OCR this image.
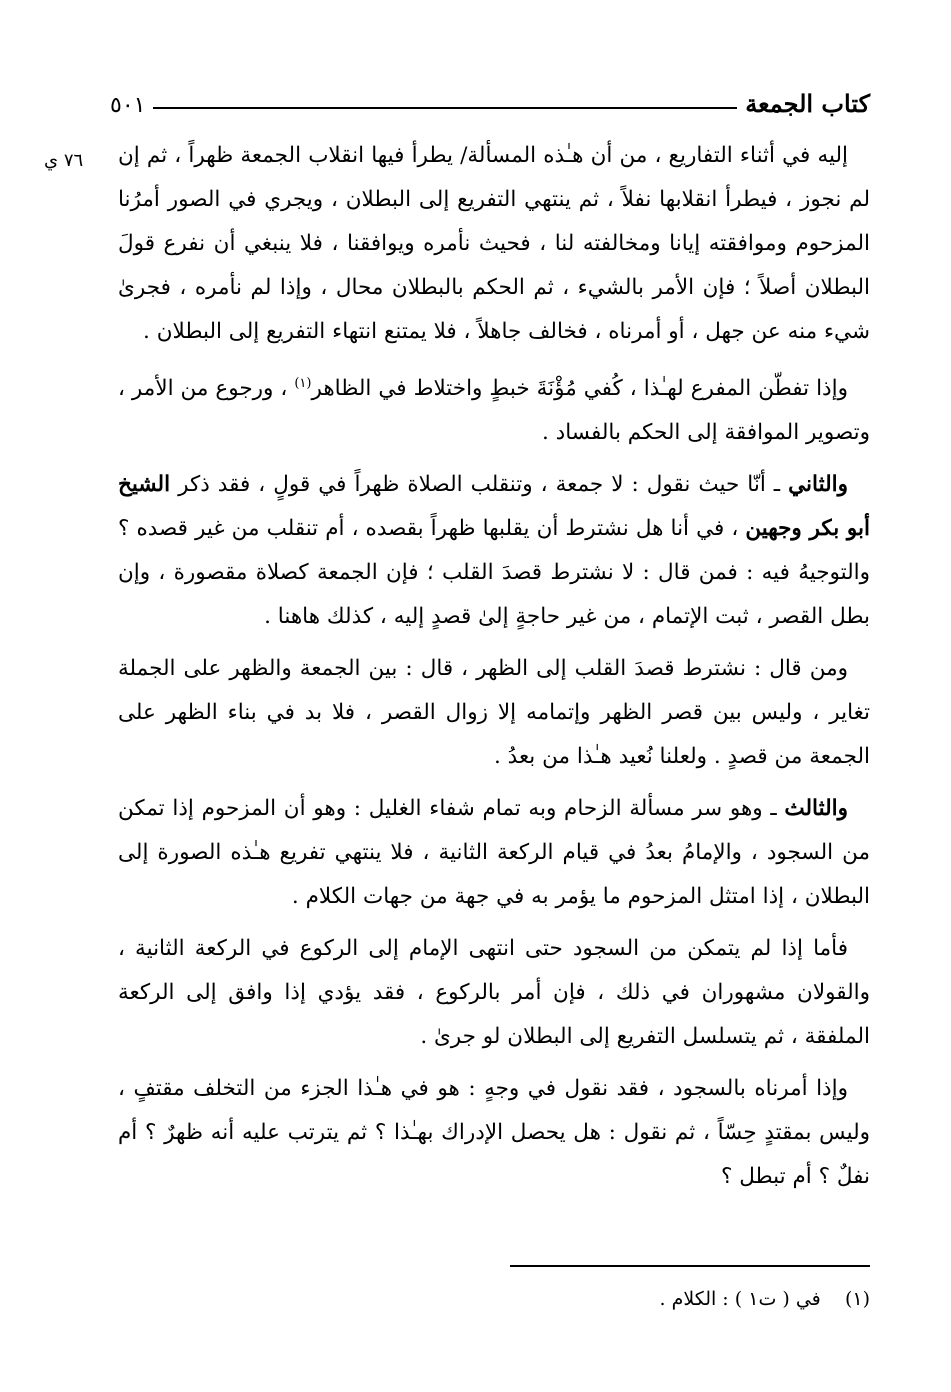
كتاب الجمعة
٥٠١
٧٦ ي	إليه في أثناء التفاريع ، من أن هـٰذه المسألة/ يطرأ فيها انقلاب الجمعة ظهراً ، ثم إن لم نجوز ، فيطرأ انقلابها نفلاً ، ثم ينتهي التفريع إلى البطلان ، ويجري في الصور أمرُنا المزحوم وموافقته إيانا ومخالفته لنا ، فحيث نأمره ويوافقنا ، فلا ينبغي أن نفرع قولَ البطلان أصلاً ؛ فإن الأمر بالشيء ، ثم الحكم بالبطلان محال ، وإذا لم نأمره ، فجرىٰ شيء منه عن جهل ، أو أمرناه ، فخالف جاهلاً ، فلا يمتنع انتهاء التفريع إلى البطلان .

وإذا تفطّن المفرع لهـٰذا ، كُفي مُؤْنَةَ خبطٍ واختلاط في الظاهر$^{(١)}$ ، ورجوع من الأمر ، وتصوير الموافقة إلى الحكم بالفساد .

والثاني ـ أنّا حيث نقول : لا جمعة ، وتنقلب الصلاة ظهراً في قولٍ ، فقد ذكر الشيخ أبو بكر وجهين ، في أنا هل نشترط أن يقلبها ظهراً بقصده ، أم تنقلب من غير قصده ؟ والتوجيهُ فيه : فمن قال : لا نشترط قصدَ القلب ؛ فإن الجمعة كصلاة مقصورة ، وإن بطل القصر ، ثبت الإتمام ، من غير حاجةٍ إلىٰ قصدٍ إليه ، كذلك هاهنا .

ومن قال : نشترط قصدَ القلب إلى الظهر ، قال : بين الجمعة والظهر على الجملة تغاير ، وليس بين قصر الظهر وإتمامه إلا زوال القصر ، فلا بد في بناء الظهر على الجمعة من قصدٍ . ولعلنا نُعيد هـٰذا من بعدُ .

والثالث ـ وهو سر مسألة الزحام وبه تمام شفاء الغليل : وهو أن المزحوم إذا تمكن من السجود ، والإمامُ بعدُ في قيام الركعة الثانية ، فلا ينتهي تفريع هـٰذه الصورة إلى البطلان ، إذا امتثل المزحوم ما يؤمر به في جهة من جهات الكلام .

فأما إذا لم يتمكن من السجود حتى انتهى الإمام إلى الركوع في الركعة الثانية ، والقولان مشهوران في ذلك ، فإن أمر بالركوع ، فقد يؤدي إذا وافق إلى الركعة الملفقة ، ثم يتسلسل التفريع إلى البطلان لو جرىٰ .

وإذا أمرناه بالسجود ، فقد نقول في وجهٍ : هو في هـٰذا الجزء من التخلف مقتفٍ ، وليس بمقتدٍ حِسّاً ، ثم نقول : هل يحصل الإدراك بهـٰذا ؟ ثم يترتب عليه أنه ظهرٌ ؟ أم نفلٌ ؟ أم تبطل ؟

(١)    في ( ت١ ) : الكلام .
